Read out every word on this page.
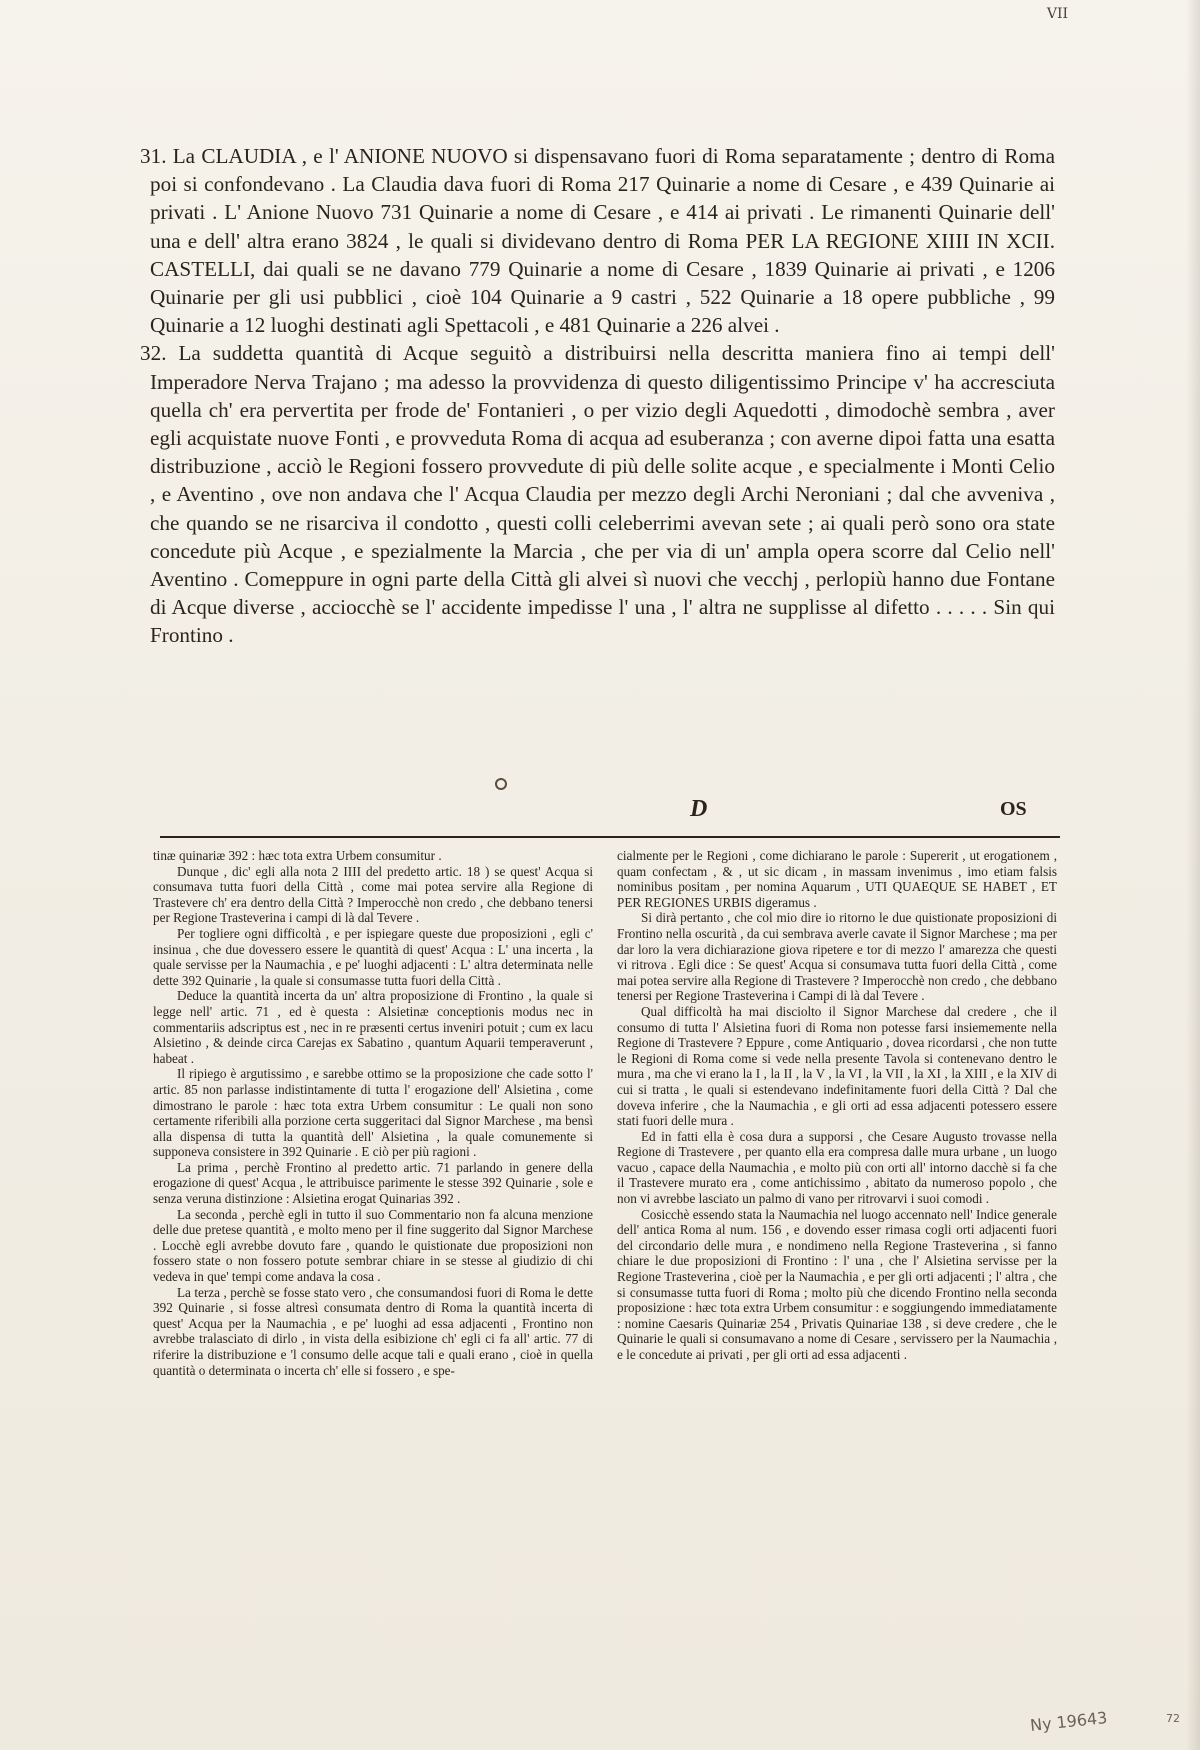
VII

31. La CLAUDIA , e l' ANIONE NUOVO si dispensavano fuori di Roma separatamente ; dentro di Roma poi si confondevano . La Claudia dava fuori di Roma 217 Quinarie a nome di Cesare , e 439 Quinarie ai privati . L' Anione Nuovo 731 Quinarie a nome di Cesare , e 414 ai privati . Le rimanenti Quinarie dell' una e dell' altra erano 3824 , le quali si dividevano dentro di Roma PER LA REGIONE XIIII IN XCII. CASTELLI, dai quali se ne davano 779 Quinarie a nome di Cesare , 1839 Quinarie ai privati , e 1206 Quinarie per gli usi pubblici , cioè 104 Quinarie a 9 castri , 522 Quinarie a 18 opere pubbliche , 99 Quinarie a 12 luoghi destinati agli Spettacoli , e 481 Quinarie a 226 alvei .

32. La suddetta quantità di Acque seguitò a distribuirsi nella descritta maniera fino ai tempi dell' Imperadore Nerva Trajano ; ma adesso la provvidenza di questo diligentissimo Principe v' ha accresciuta quella ch' era pervertita per frode de' Fontanieri , o per vizio degli Aquedotti , dimodochè sembra , aver egli acquistate nuove Fonti , e provveduta Roma di acqua ad esuberanza ; con averne dipoi fatta una esatta distribuzione , acciò le Regioni fossero provvedute di più delle solite acque , e specialmente i Monti Celio , e Aventino , ove non andava che l' Acqua Claudia per mezzo degli Archi Neroniani ; dal che avveniva , che quando se ne risarciva il condotto , questi colli celeberrimi avevan sete ; ai quali però sono ora state concedute più Acque , e spezialmente la Marcia , che per via di un' ampla opera scorre dal Celio nell' Aventino . Comeppure in ogni parte della Città gli alvei sì nuovi che vecchj , perlopiù hanno due Fontane di Acque diverse , acciocchè se l' accidente impedisse l' una , l' altra ne supplisse al difetto . . . . . Sin qui Frontino .

D	OS

tinæ quinariæ 392 : hæc tota extra Urbem consumitur .

Dunque , dic' egli alla nota 2 IIII del predetto artic. 18 ) se quest' Acqua si consumava tutta fuori della Città , come mai potea servire alla Regione di Trastevere ch' era dentro della Città ? Imperocchè non credo , che debbano tenersi per Regione Trasteverina i campi di là dal Tevere .

Per togliere ogni difficoltà , e per ispiegare queste due proposizioni , egli c' insinua , che due dovessero essere le quantità di quest' Acqua : L' una incerta , la quale servisse per la Naumachia , e pe' luoghi adjacenti : L' altra determinata nelle dette 392 Quinarie , la quale si consumasse tutta fuori della Città .

Deduce la quantità incerta da un' altra proposizione di Frontino , la quale si legge nell' artic. 71 , ed è questa : Alsietinæ conceptionis modus nec in commentariis adscriptus est , nec in re præsenti certus inveniri potuit ; cum ex lacu Alsietino , & deinde circa Carejas ex Sabatino , quantum Aquarii temperaverunt , habeat .

Il ripiego è argutissimo , e sarebbe ottimo se la proposizione che cade sotto l' artic. 85 non parlasse indistintamente di tutta l' erogazione dell' Alsietina , come dimostrano le parole : hæc tota extra Urbem consumitur : Le quali non sono certamente riferibili alla porzione certa suggeritaci dal Signor Marchese , ma bensì alla dispensa di tutta la quantità dell' Alsietina , la quale comunemente si supponeva consistere in 392 Quinarie . E ciò per più ragioni .

La prima , perchè Frontino al predetto artic. 71 parlando in genere della erogazione di quest' Acqua , le attribuisce parimente le stesse 392 Quinarie , sole e senza veruna distinzione : Alsietina erogat Quinarias 392 .

La seconda , perchè egli in tutto il suo Commentario non fa alcuna menzione delle due pretese quantità , e molto meno per il fine suggerito dal Signor Marchese . Locchè egli avrebbe dovuto fare , quando le quistionate due proposizioni non fossero state o non fossero potute sembrar chiare in se stesse al giudizio di chi vedeva in que' tempi come andava la cosa .

La terza , perchè se fosse stato vero , che consumandosi fuori di Roma le dette 392 Quinarie , si fosse altresì consumata dentro di Roma la quantità incerta di quest' Acqua per la Naumachia , e pe' luoghi ad essa adjacenti , Frontino non avrebbe tralasciato di dirlo , in vista della esibizione ch' egli ci fa all' artic. 77 di riferire la distribuzione e 'l consumo delle acque tali e quali erano , cioè in quella quantità o determinata o incerta ch' elle si fossero , e spe-

cialmente per le Regioni , come dichiarano le parole : Supererit , ut erogationem , quam confectam , & , ut sic dicam , in massam invenimus , imo etiam falsis nominibus positam , per nomina Aquarum , UTI QUAEQUE SE HABET , ET PER REGIONES URBIS digeramus .

Si dirà pertanto , che col mio dire io ritorno le due quistionate proposizioni di Frontino nella oscurità , da cui sembrava averle cavate il Signor Marchese ; ma per dar loro la vera dichiarazione giova ripetere e tor di mezzo l' amarezza che questi vi ritrova . Egli dice : Se quest' Acqua si consumava tutta fuori della Città , come mai potea servire alla Regione di Trastevere ? Imperocchè non credo , che debbano tenersi per Regione Trasteverina i Campi di là dal Tevere .

Qual difficoltà ha mai disciolto il Signor Marchese dal credere , che il consumo di tutta l' Alsietina fuori di Roma non potesse farsi insiememente nella Regione di Trastevere ? Eppure , come Antiquario , dovea ricordarsi , che non tutte le Regioni di Roma come si vede nella presente Tavola si contenevano dentro le mura , ma che vi erano la I , la II , la V , la VI , la VII , la XI , la XIII , e la XIV di cui si tratta , le quali si estendevano indefinitamente fuori della Città ? Dal che doveva inferire , che la Naumachia , e gli orti ad essa adjacenti potessero essere stati fuori delle mura .

Ed in fatti ella è cosa dura a supporsi , che Cesare Augusto trovasse nella Regione di Trastevere , per quanto ella era compresa dalle mura urbane , un luogo vacuo , capace della Naumachia , e molto più con orti all' intorno dacchè si fa che il Trastevere murato era , come antichissimo , abitato da numeroso popolo , che non vi avrebbe lasciato un palmo di vano per ritrovarvi i suoi comodi .

Cosicchè essendo stata la Naumachia nel luogo accennato nell' Indice generale dell' antica Roma al num. 156 , e dovendo esser rimasa cogli orti adjacenti fuori del circondario delle mura , e nondimeno nella Regione Trasteverina , si fanno chiare le due proposizioni di Frontino : l' una , che l' Alsietina servisse per la Regione Trasteverina , cioè per la Naumachia , e per gli orti adjacenti ; l' altra , che si consumasse tutta fuori di Roma ; molto più che dicendo Frontino nella seconda proposizione : hæc tota extra Urbem consumitur : e soggiungendo immediatamente : nomine Caesaris Quinariæ 254 , Privatis Quinariae 138 , si deve credere , che le Quinarie le quali si consumavano a nome di Cesare , servissero per la Naumachia , e le concedute ai privati , per gli orti ad essa adjacenti .

Ny 19643	72
